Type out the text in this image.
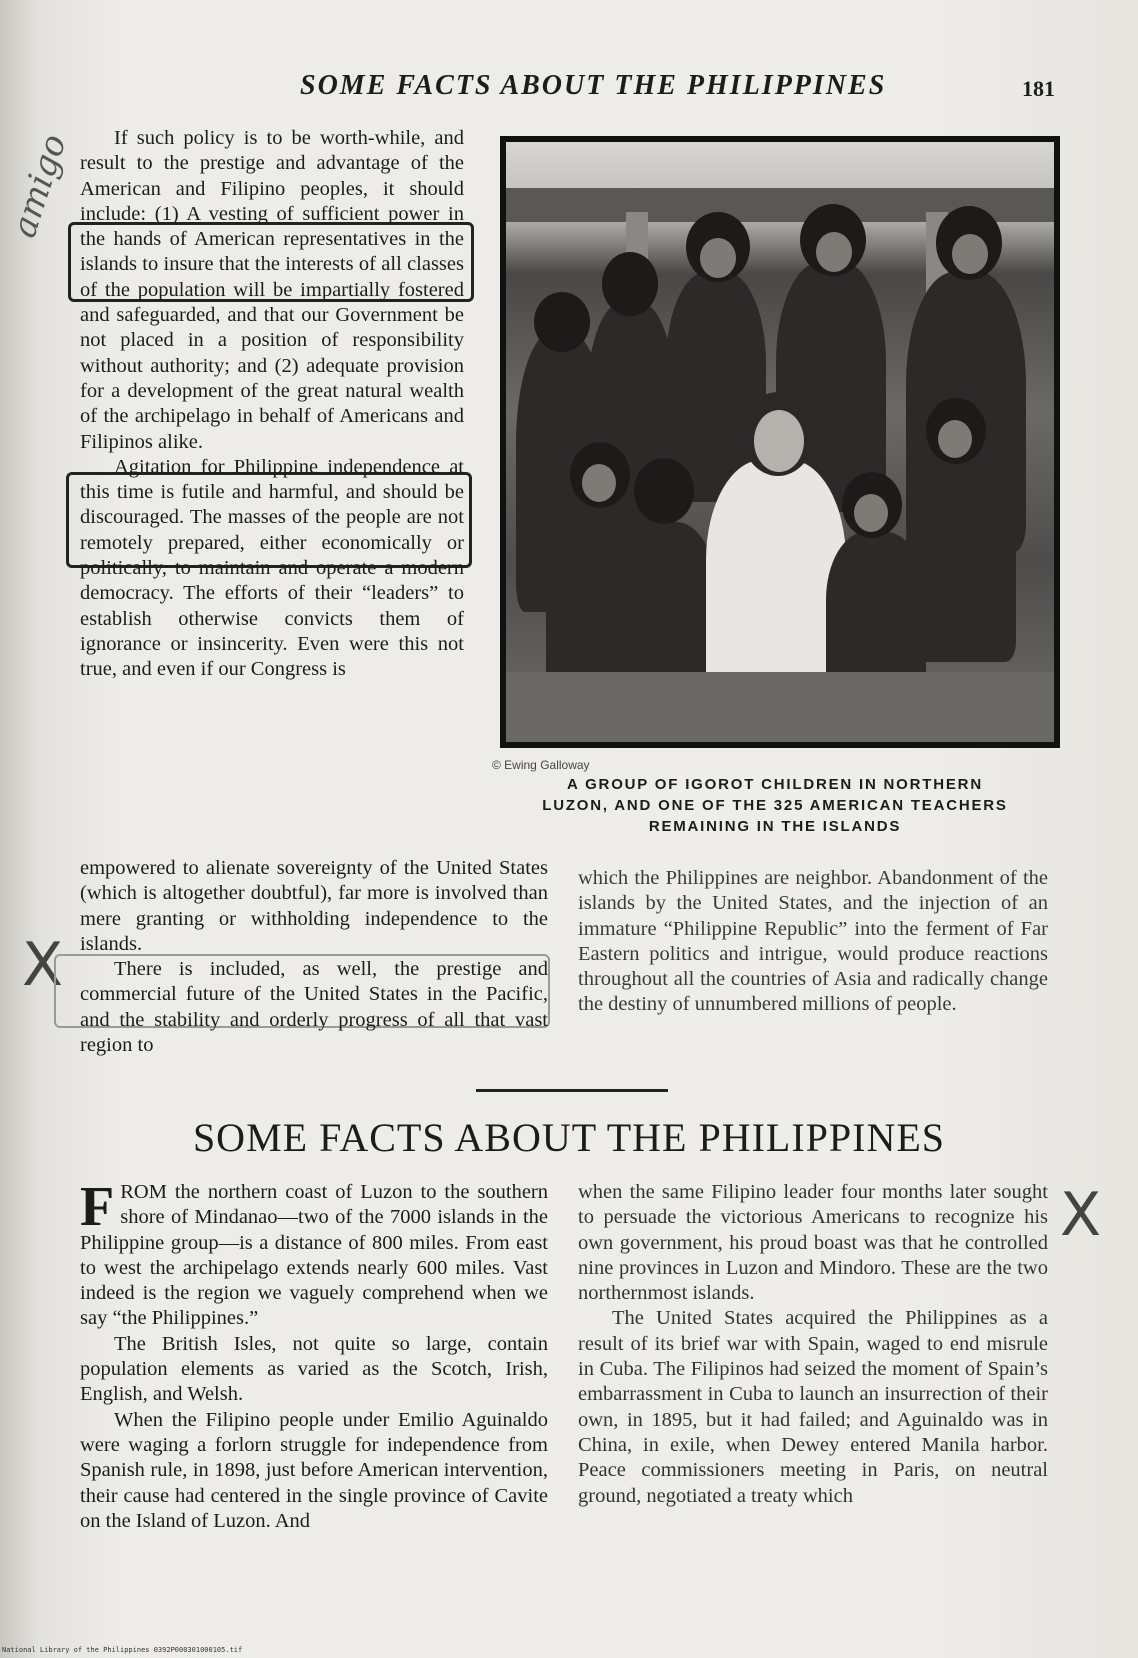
SOME FACTS ABOUT THE PHILIPPINES	181
amigo
X
X

If such policy is to be worth-while, and result to the prestige and advantage of the American and Filipino peoples, it should include: (1) A vesting of sufficient power in the hands of American representatives in the islands to insure that the interests of all classes of the population will be impartially fostered and safeguarded, and that our Government be not placed in a position of responsibility without authority; and (2) adequate provision for a development of the great natural wealth of the archipelago in behalf of Americans and Filipinos alike.

Agitation for Philippine independence at this time is futile and harmful, and should be discouraged. The masses of the people are not remotely prepared, either economically or politically, to maintain and operate a modern democracy. The efforts of their “leaders” to establish otherwise convicts them of ignorance or insincerity. Even were this not true, and even if our Congress is

© Ewing Galloway
A GROUP OF IGOROT CHILDREN IN NORTHERN
LUZON, AND ONE OF THE 325 AMERICAN TEACHERS
REMAINING IN THE ISLANDS

empowered to alienate sovereignty of the United States (which is altogether doubtful), far more is involved than mere granting or withholding independence to the islands.

There is included, as well, the prestige and commercial future of the United States in the Pacific, and the stability and orderly progress of all that vast region to

which the Philippines are neighbor. Abandonment of the islands by the United States, and the injection of an immature “Philippine Republic” into the ferment of Far Eastern politics and intrigue, would produce reactions throughout all the countries of Asia and radically change the destiny of unnumbered millions of people.

SOME FACTS ABOUT THE PHILIPPINES

FROM the northern coast of Luzon to the southern shore of Mindanao—two of the 7000 islands in the Philippine group—is a distance of 800 miles. From east to west the archipelago extends nearly 600 miles. Vast indeed is the region we vaguely comprehend when we say “the Philippines.”

The British Isles, not quite so large, contain population elements as varied as the Scotch, Irish, English, and Welsh.

When the Filipino people under Emilio Aguinaldo were waging a forlorn struggle for independence from Spanish rule, in 1898, just before American intervention, their cause had centered in the single province of Cavite on the Island of Luzon. And

when the same Filipino leader four months later sought to persuade the victorious Americans to recognize his own government, his proud boast was that he controlled nine provinces in Luzon and Mindoro. These are the two northernmost islands.

The United States acquired the Philippines as a result of its brief war with Spain, waged to end misrule in Cuba. The Filipinos had seized the moment of Spain’s embarrassment in Cuba to launch an insurrection of their own, in 1895, but it had failed; and Aguinaldo was in China, in exile, when Dewey entered Manila harbor. Peace commissioners meeting in Paris, on neutral ground, negotiated a treaty which

National Library of the Philippines 0392P000301000105.tif
